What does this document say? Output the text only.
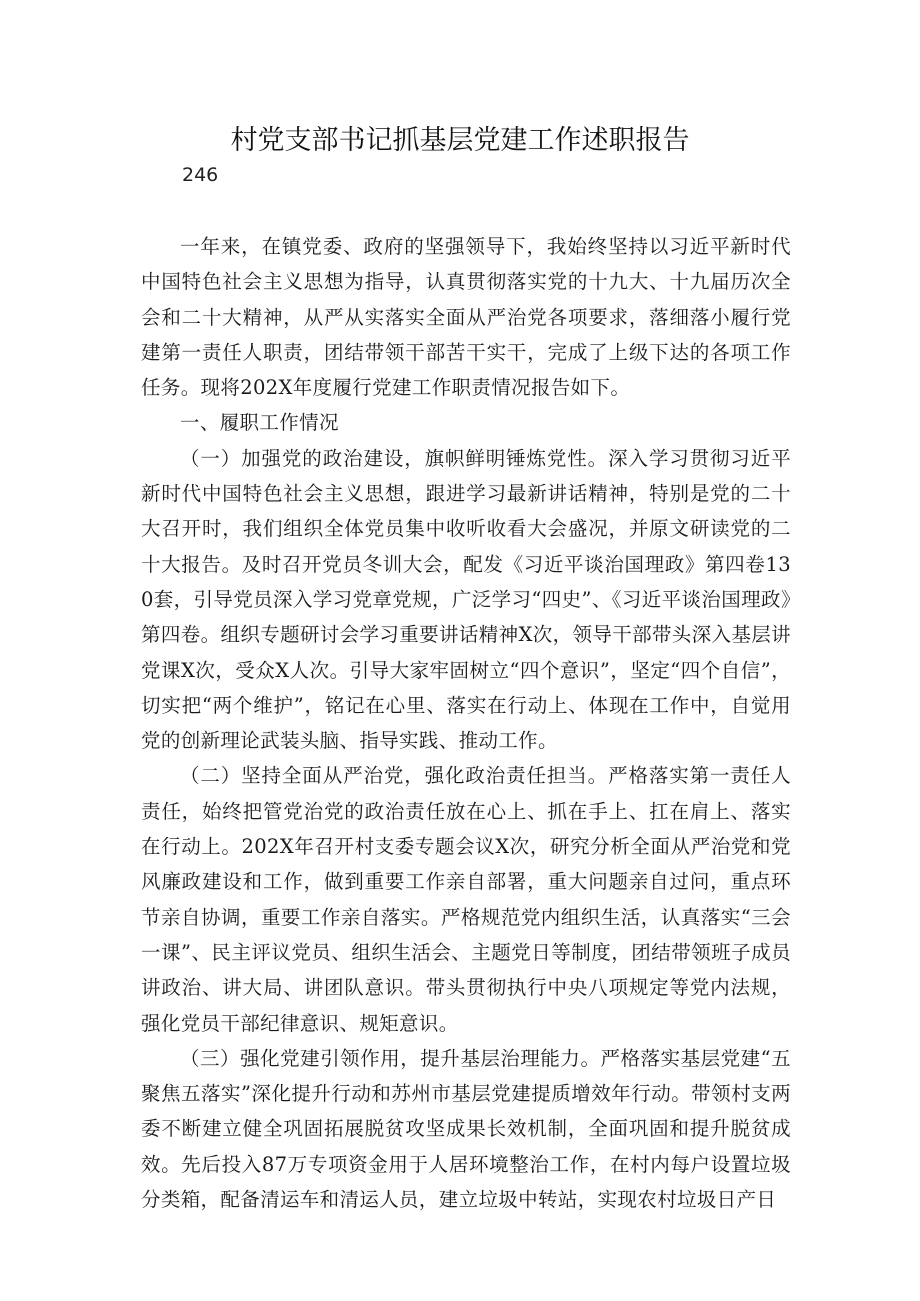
村党支部书记抓基层党建工作述职报告
246

一年来，在镇党委、政府的坚强领导下，我始终坚持以习近平新时代中国特色社会主义思想为指导，认真贯彻落实党的十九大、十九届历次全会和二十大精神，从严从实落实全面从严治党各项要求，落细落小履行党建第一责任人职责，团结带领干部苦干实干，完成了上级下达的各项工作任务。现将202X年度履行党建工作职责情况报告如下。

一、履职工作情况

（一）加强党的政治建设，旗帜鲜明锤炼党性。深入学习贯彻习近平新时代中国特色社会主义思想，跟进学习最新讲话精神，特别是党的二十大召开时，我们组织全体党员集中收听收看大会盛况，并原文研读党的二十大报告。及时召开党员冬训大会，配发《习近平谈治国理政》第四卷130套，引导党员深入学习党章党规，广泛学习“四史”、《习近平谈治国理政》第四卷。组织专题研讨会学习重要讲话精神X次，领导干部带头深入基层讲党课X次，受众X人次。引导大家牢固树立“四个意识”，坚定“四个自信”，切实把“两个维护”，铭记在心里、落实在行动上、体现在工作中，自觉用党的创新理论武装头脑、指导实践、推动工作。

（二）坚持全面从严治党，强化政治责任担当。严格落实第一责任人责任，始终把管党治党的政治责任放在心上、抓在手上、扛在肩上、落实在行动上。202X年召开村支委专题会议X次，研究分析全面从严治党和党风廉政建设和工作，做到重要工作亲自部署，重大问题亲自过问，重点环节亲自协调，重要工作亲自落实。严格规范党内组织生活，认真落实“三会一课”、民主评议党员、组织生活会、主题党日等制度，团结带领班子成员讲政治、讲大局、讲团队意识。带头贯彻执行中央八项规定等党内法规，强化党员干部纪律意识、规矩意识。

（三）强化党建引领作用，提升基层治理能力。严格落实基层党建“五聚焦五落实”深化提升行动和苏州市基层党建提质增效年行动。带领村支两委不断建立健全巩固拓展脱贫攻坚成果长效机制，全面巩固和提升脱贫成效。先后投入87万专项资金用于人居环境整治工作，在村内每户设置垃圾分类箱，配备清运车和清运人员，建立垃圾中转站，实现农村垃圾日产日
